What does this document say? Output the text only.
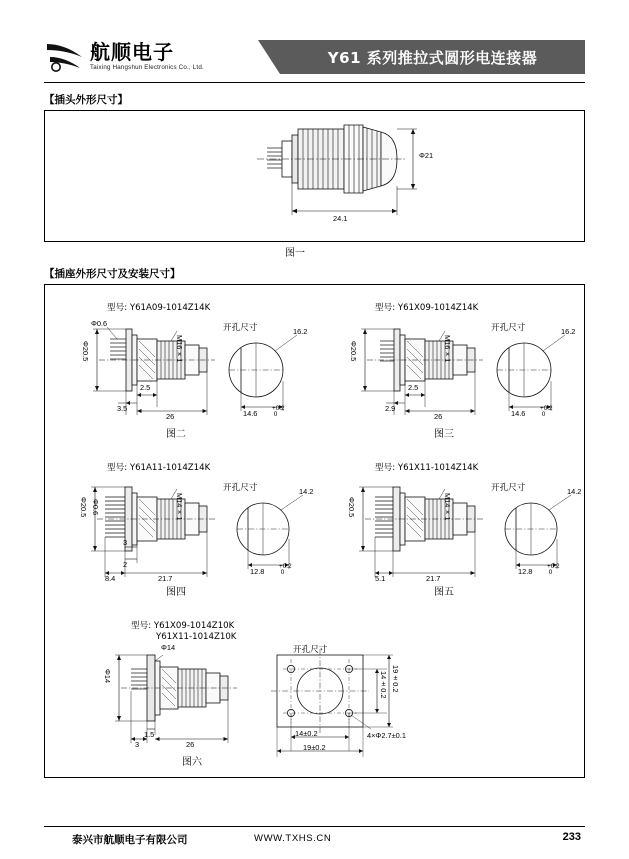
航顺电子
Taixing Hangshun Electronics Co., Ltd.
Y61 系列推拉式圆形电连接器
【插头外形尺寸】
Φ21
24.1
图一
【插座外形尺寸及安装尺寸】
型号: Y61A09-1014Z14K
开孔尺寸
Φ20.5
Φ0.6
M16×1
3.5
2.5
26
16.2
14.6
+0.2
0
图二
型号: Y61X09-1014Z14K
开孔尺寸
Φ20.5	M16×1
2.9
2.5
26
16.2
14.6
+0.2
0
图三
型号: Y61A11-1014Z14K
开孔尺寸
Φ20.5 Φ0.6	M14×1
3
2
8.4	21.7
14.2
12.8
+0.2
0
图四
型号: Y61X11-1014Z14K
开孔尺寸
Φ20.5	M14×1
5.1	21.7
14.2
12.8
+0.2
0
图五
型号: Y61X09-1014Z10K
Y61X11-1014Z10K
开孔尺寸
Φ14
Φ14
3
1.5
26
14±0.2
19±0.2
14±0.2 19±0.2
4×Φ2.7±0.1
图六
泰兴市航顺电子有限公司	WWW.TXHS.CN	233
